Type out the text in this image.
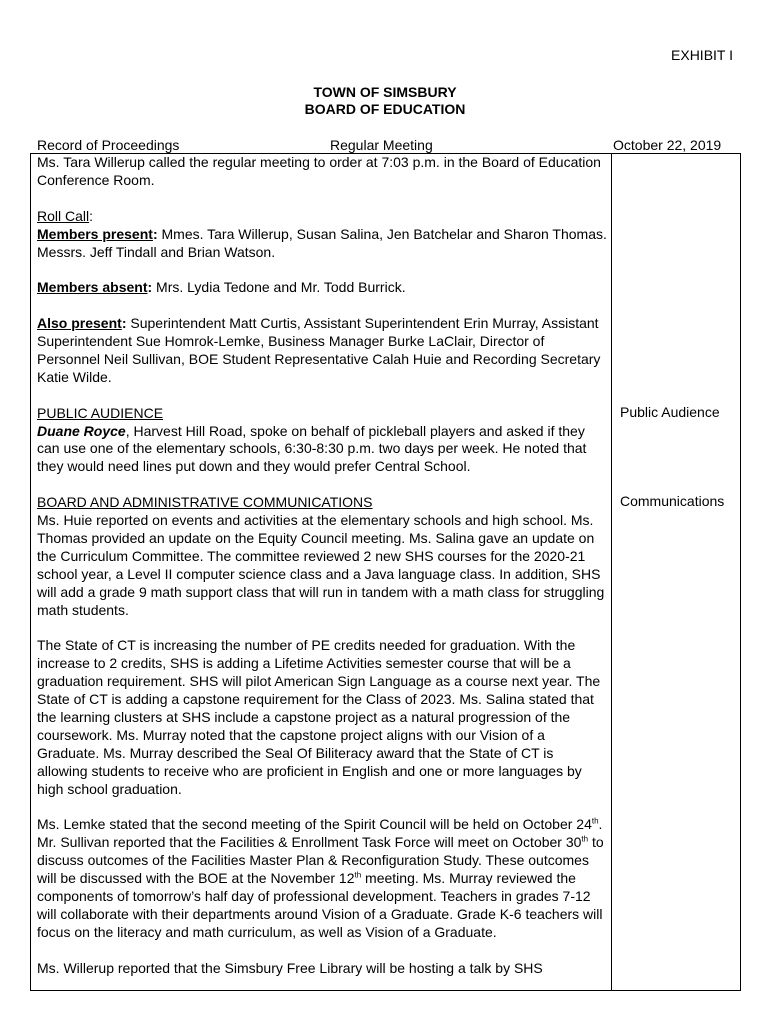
EXHIBIT I
TOWN OF SIMSBURY
BOARD OF EDUCATION
Record of Proceedings	Regular Meeting	October 22, 2019
Public Audience
Communications

Ms. Tara Willerup called the regular meeting to order at 7:03 p.m. in the Board of Education Conference Room.

Roll Call:
Members present: Mmes. Tara Willerup, Susan Salina, Jen Batchelar and Sharon Thomas. Messrs. Jeff Tindall and Brian Watson.

Members absent: Mrs. Lydia Tedone and Mr. Todd Burrick.

Also present: Superintendent Matt Curtis, Assistant Superintendent Erin Murray, Assistant Superintendent Sue Homrok-Lemke, Business Manager Burke LaClair, Director of Personnel Neil Sullivan, BOE Student Representative Calah Huie and Recording Secretary Katie Wilde.

PUBLIC AUDIENCE
Duane Royce, Harvest Hill Road, spoke on behalf of pickleball players and asked if they can use one of the elementary schools, 6:30-8:30 p.m. two days per week. He noted that they would need lines put down and they would prefer Central School.

BOARD AND ADMINISTRATIVE COMMUNICATIONS
Ms. Huie reported on events and activities at the elementary schools and high school. Ms. Thomas provided an update on the Equity Council meeting. Ms. Salina gave an update on the Curriculum Committee. The committee reviewed 2 new SHS courses for the 2020-21 school year, a Level II computer science class and a Java language class. In addition, SHS will add a grade 9 math support class that will run in tandem with a math class for struggling math students.

The State of CT is increasing the number of PE credits needed for graduation. With the increase to 2 credits, SHS is adding a Lifetime Activities semester course that will be a graduation requirement. SHS will pilot American Sign Language as a course next year. The State of CT is adding a capstone requirement for the Class of 2023. Ms. Salina stated that the learning clusters at SHS include a capstone project as a natural progression of the coursework. Ms. Murray noted that the capstone project aligns with our Vision of a Graduate. Ms. Murray described the Seal Of Biliteracy award that the State of CT is allowing students to receive who are proficient in English and one or more languages by high school graduation.

Ms. Lemke stated that the second meeting of the Spirit Council will be held on October 24th. Mr. Sullivan reported that the Facilities & Enrollment Task Force will meet on October 30th to discuss outcomes of the Facilities Master Plan & Reconfiguration Study. These outcomes will be discussed with the BOE at the November 12th meeting. Ms. Murray reviewed the components of tomorrow’s half day of professional development. Teachers in grades 7-12 will collaborate with their departments around Vision of a Graduate. Grade K-6 teachers will focus on the literacy and math curriculum, as well as Vision of a Graduate.

Ms. Willerup reported that the Simsbury Free Library will be hosting a talk by SHS
